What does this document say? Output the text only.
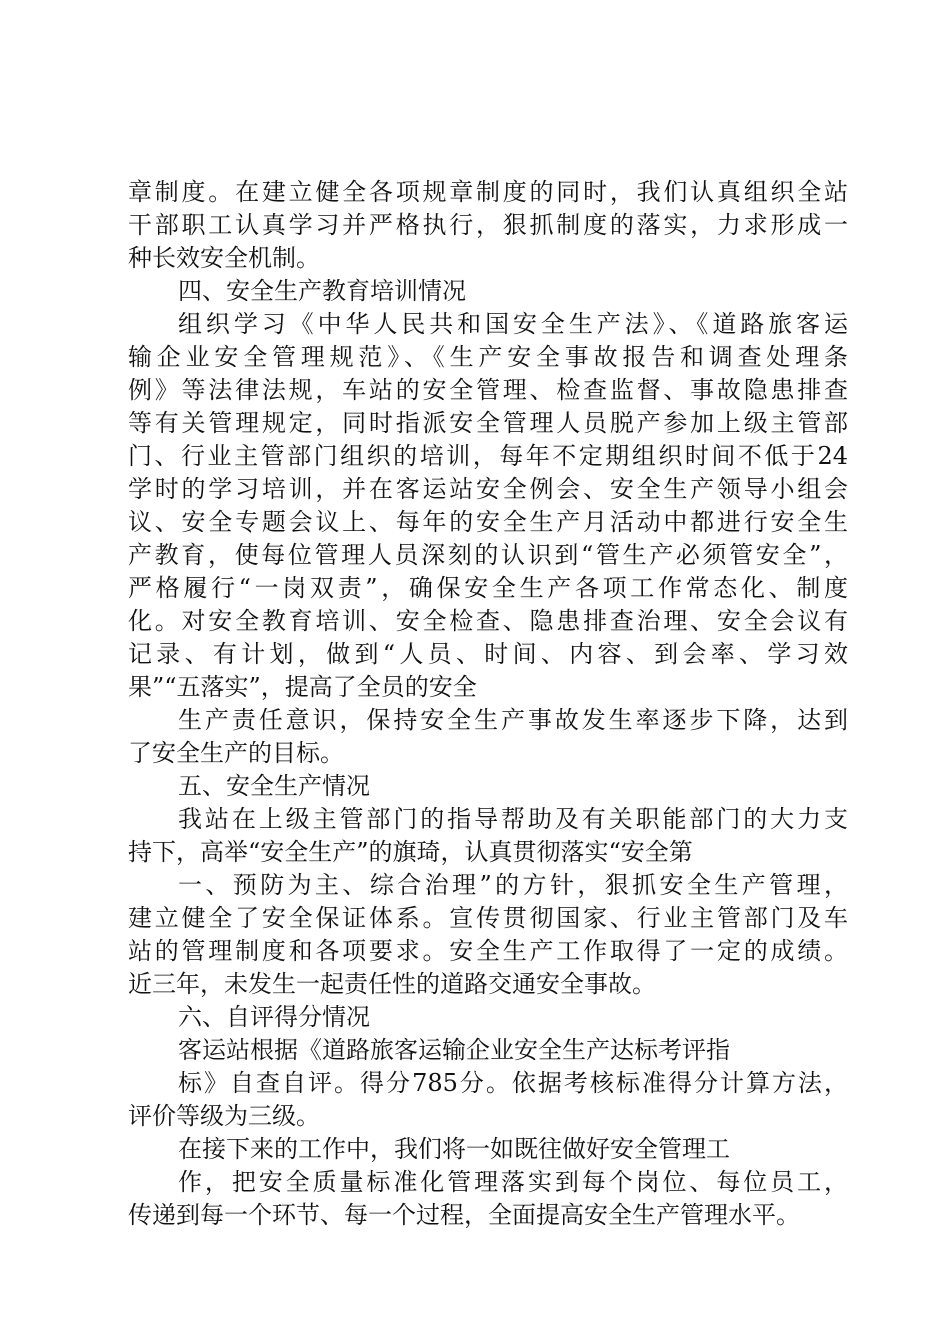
章制度。在建立健全各项规章制度的同时，我们认真组织全站
干部职工认真学习并严格执行，狠抓制度的落实，力求形成一
种长效安全机制。
四、安全生产教育培训情况
组织学习《中华人民共和国安全生产法》、《道路旅客运
输企业安全管理规范》、《生产安全事故报告和调查处理条
例》等法律法规，车站的安全管理、检查监督、事故隐患排查
等有关管理规定，同时指派安全管理人员脱产参加上级主管部
门、行业主管部门组织的培训，每年不定期组织时间不低于24
学时的学习培训，并在客运站安全例会、安全生产领导小组会
议、安全专题会议上、每年的安全生产月活动中都进行安全生
产教育，使每位管理人员深刻的认识到“管生产必须管安全”，
严格履行“一岗双责”，确保安全生产各项工作常态化、制度
化。对安全教育培训、安全检查、隐患排查治理、安全会议有
记录、有计划，做到“人员、时间、内容、到会率、学习效
果”“五落实”，提高了全员的安全
生产责任意识，保持安全生产事故发生率逐步下降，达到
了安全生产的目标。
五、安全生产情况
我站在上级主管部门的指导帮助及有关职能部门的大力支
持下，高举“安全生产”的旗琦，认真贯彻落实“安全第
一、预防为主、综合治理”的方针，狠抓安全生产管理，
建立健全了安全保证体系。宣传贯彻国家、行业主管部门及车
站的管理制度和各项要求。安全生产工作取得了一定的成绩。
近三年，未发生一起责任性的道路交通安全事故。
六、自评得分情况
客运站根据《道路旅客运输企业安全生产达标考评指
标》自查自评。得分785分。依据考核标准得分计算方法，
评价等级为三级。
在接下来的工作中，我们将一如既往做好安全管理工
作，把安全质量标准化管理落实到每个岗位、每位员工，
传递到每一个环节、每一个过程，全面提高安全生产管理水平。
